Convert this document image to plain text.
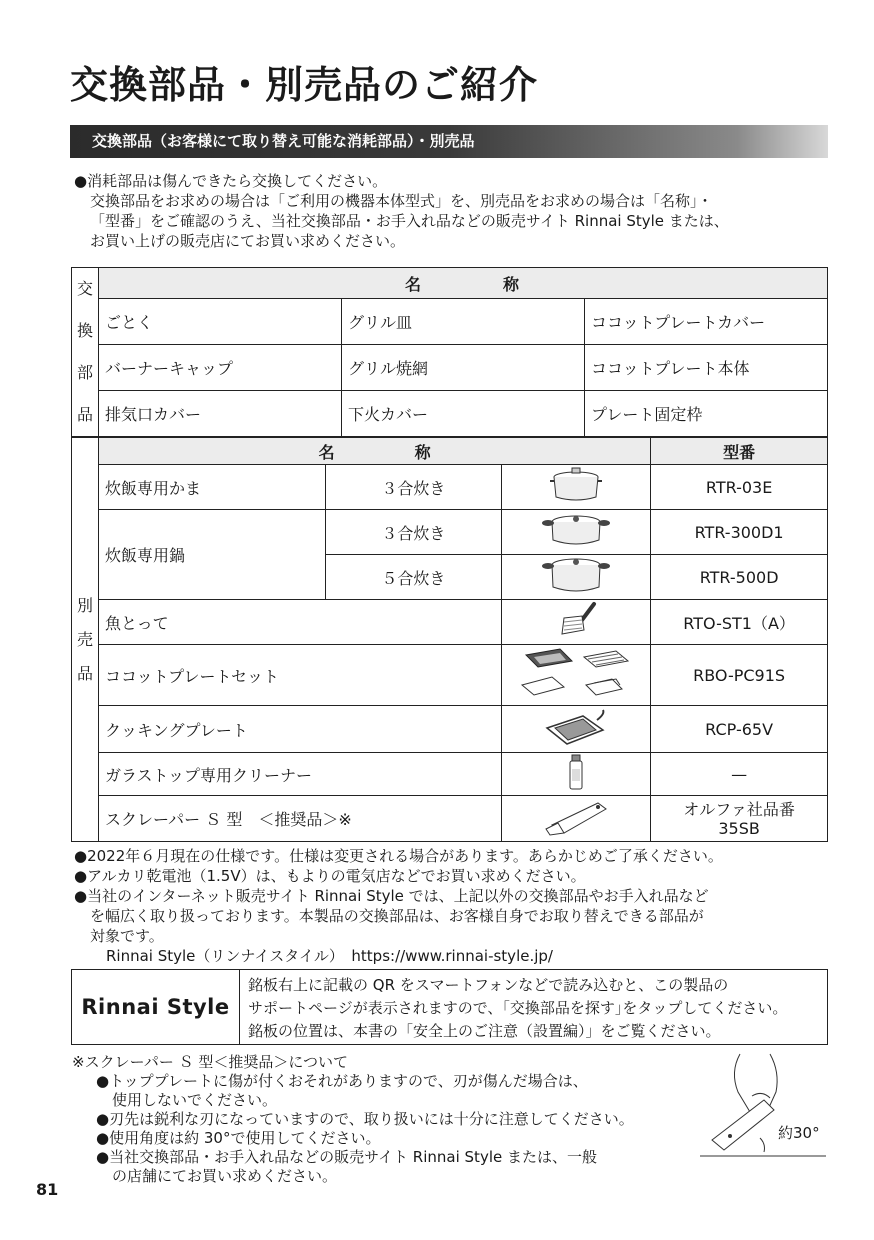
交換部品・別売品のご紹介
交換部品（お客様にて取り替え可能な消耗部品）・別売品
●消耗部品は傷んできたら交換してください。
交換部品をお求めの場合は「ご利用の機器本体型式」を、別売品をお求めの場合は「名称」・
「型番」をご確認のうえ、当社交換部品・お手入れ品などの販売サイト Rinnai Style または、
お買い上げの販売店にてお買い求めください。
交
換
部
品	名 称		
	ごとく	グリル皿	ココットプレートカバー
	バーナーキャップ	グリル焼網	ココットプレート本体
	排気口カバー	下火カバー	プレート固定枠
別
売
品	名 称			型番
	炊飯専用かま	３合炊き		RTR-03E
	炊飯専用鍋	３合炊き		RTR-300D1
		５合炊き		RTR-500D
	魚とって			RTO-ST1（A）
	ココットプレートセット			RBO-PC91S
	クッキングプレート			RCP-65V
	ガラストップ専用クリーナー			—
	スクレーパー Ｓ 型　＜推奨品＞※			オルファ社品番
35SB
●2022年６月現在の仕様です。仕様は変更される場合があります。あらかじめご了承ください。
●アルカリ乾電池（1.5V）は、もよりの電気店などでお買い求めください。
●当社のインターネット販売サイト Rinnai Style では、上記以外の交換部品やお手入れ品など
を幅広く取り扱っております。本製品の交換部品は、お客様自身でお取り替えできる部品が
対象です。
Rinnai Style（リンナイスタイル）　https://www.rinnai-style.jp/
Rinnai Style
銘板右上に記載の QR をスマートフォンなどで読み込むと、この製品の
サポートページが表示されますので、｢交換部品を探す｣をタップしてください。
銘板の位置は、本書の「安全上のご注意（設置編）」をご覧ください。
※スクレーパー Ｓ 型＜推奨品＞について
●トッププレートに傷が付くおそれがありますので、刃が傷んだ場合は、
使用しないでください。
●刃先は鋭利な刃になっていますので、取り扱いには十分に注意してください。
●使用角度は約 30°で使用してください。
●当社交換部品・お手入れ品などの販売サイト Rinnai Style または、一般
の店舗にてお買い求めください。
約30°
81
